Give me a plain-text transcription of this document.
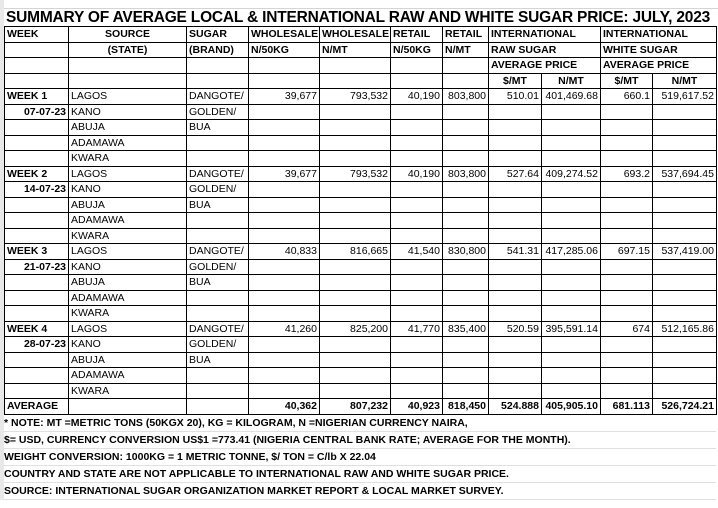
SUMMARY OF AVERAGE LOCAL & INTERNATIONAL RAW AND WHITE SUGAR PRICE: JULY, 2023
WEEK	SOURCE	SUGAR	WHOLESALE	WHOLESALE	RETAIL	RETAIL	INTERNATIONAL		INTERNATIONAL	
	(STATE)	(BRAND)	N/50KG	N/MT	N/50KG	N/MT	RAW SUGAR		WHITE SUGAR	
							AVERAGE PRICE		AVERAGE PRICE	
							$/MT	N/MT	$/MT	N/MT
WEEK 1	LAGOS	DANGOTE/	39,677	793,532	40,190	803,800	510.01	401,469.68	660.1	519,617.52
07-07-23	KANO	GOLDEN/								
	ABUJA	BUA								
	ADAMAWA									
	KWARA									
WEEK 2	LAGOS	DANGOTE/	39,677	793,532	40,190	803,800	527.64	409,274.52	693.2	537,694.45
14-07-23	KANO	GOLDEN/								
	ABUJA	BUA								
	ADAMAWA									
	KWARA									
WEEK 3	LAGOS	DANGOTE/	40,833	816,665	41,540	830,800	541.31	417,285.06	697.15	537,419.00
21-07-23	KANO	GOLDEN/								
	ABUJA	BUA								
	ADAMAWA									
	KWARA									
WEEK 4	LAGOS	DANGOTE/	41,260	825,200	41,770	835,400	520.59	395,591.14	674	512,165.86
28-07-23	KANO	GOLDEN/								
	ABUJA	BUA								
	ADAMAWA									
	KWARA									
AVERAGE			40,362	807,232	40,923	818,450	524.888	405,905.10	681.113	526,724.21
* NOTE: MT =METRIC TONS (50KGX 20), KG = KILOGRAM, N =NIGERIAN CURRENCY NAIRA,
$= USD, CURRENCY CONVERSION US$1 =773.41 (NIGERIA CENTRAL BANK RATE; AVERAGE FOR THE MONTH).
WEIGHT CONVERSION: 1000KG = 1 METRIC TONNE, $/ TON = C/lb X 22.04
COUNTRY AND STATE ARE NOT APPLICABLE TO INTERNATIONAL RAW AND WHITE SUGAR PRICE.
SOURCE: INTERNATIONAL SUGAR ORGANIZATION MARKET REPORT & LOCAL MARKET SURVEY.
